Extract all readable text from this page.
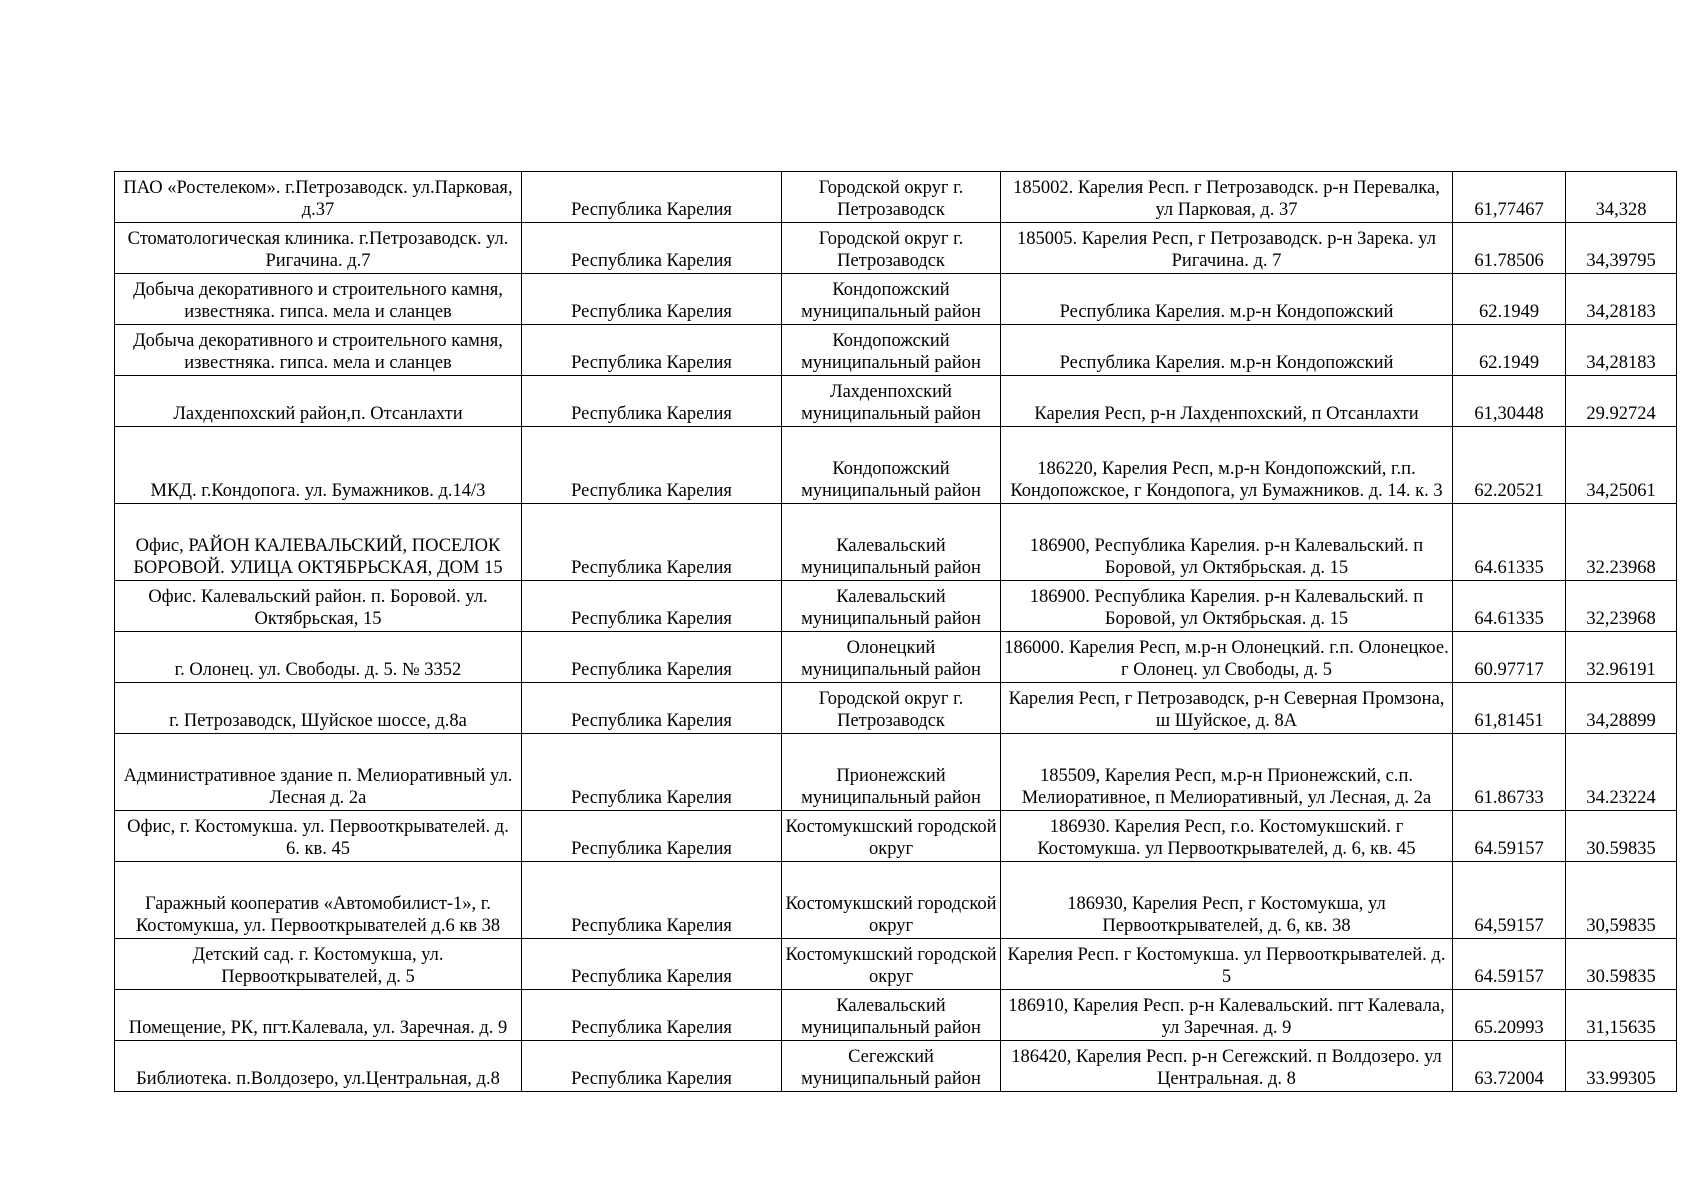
ПАО «Ростелеком». г.Петрозаводск. ул.Парковая, д.37	Республика Карелия	Городской округ г. Петрозаводск	185002. Карелия Респ. г Петрозаводск. р-н Перевалка, ул Парковая, д. 37	61,77467	34,328
Стоматологическая клиника. г.Петрозаводск. ул. Ригачина. д.7	Республика Карелия	Городской округ г. Петрозаводск	185005. Карелия Респ, г Петрозаводск. р-н Зарека. ул Ригачина. д. 7	61.78506	34,39795
Добыча декоративного и строительного камня, известняка. гипса. мела и сланцев	Республика Карелия	Кондопожский муниципальный район	Республика Карелия. м.р-н Кондопожский	62.1949	34,28183
Добыча декоративного и строительного камня, известняка. гипса. мела и сланцев	Республика Карелия	Кондопожский муниципальный район	Республика Карелия. м.р-н Кондопожский	62.1949	34,28183
Лахденпохский район,п. Отсанлахти	Республика Карелия	Лахденпохский муниципальный район	Карелия Респ, р-н Лахденпохский, п Отсанлахти	61,30448	29.92724
МКД. г.Кондопога. ул. Бумажников. д.14/3	Республика Карелия	Кондопожский муниципальный район	186220, Карелия Респ, м.р-н Кондопожский, г.п. Кондопожское, г Кондопога, ул Бумажников. д. 14. к. 3	62.20521	34,25061
Офис, РАЙОН КАЛЕВАЛЬСКИЙ, ПОСЕЛОК БОРОВОЙ. УЛИЦА ОКТЯБРЬСКАЯ, ДОМ 15	Республика Карелия	Калевальский муниципальный район	186900, Республика Карелия. р-н Калевальский. п Боровой, ул Октябрьская. д. 15	64.61335	32.23968
Офис. Калевальский район. п. Боровой. ул. Октябрьская, 15	Республика Карелия	Калевальский муниципальный район	186900. Республика Карелия. р-н Калевальский. п Боровой, ул Октябрьская. д. 15	64.61335	32,23968
г. Олонец. ул. Свободы. д. 5. № 3352	Республика Карелия	Олонецкий муниципальный район	186000. Карелия Респ, м.р-н Олонецкий. г.п. Олонецкое. г Олонец. ул Свободы, д. 5	60.97717	32.96191
г. Петрозаводск, Шуйское шоссе, д.8а	Республика Карелия	Городской округ г. Петрозаводск	Карелия Респ, г Петрозаводск, р-н Северная Промзона, ш Шуйское, д. 8А	61,81451	34,28899
Административное здание п. Мелиоративный ул. Лесная д. 2а	Республика Карелия	Прионежский муниципальный район	185509, Карелия Респ, м.р-н Прионежский, с.п. Мелиоративное, п Мелиоративный, ул Лесная, д. 2а	61.86733	34.23224
Офис, г. Костомукша. ул. Первооткрывателей. д. 6. кв. 45	Республика Карелия	Костомукшский городской округ	186930. Карелия Респ, г.о. Костомукшский. г Костомукша. ул Первооткрывателей, д. 6, кв. 45	64.59157	30.59835
Гаражный кооператив «Автомобилист-1», г. Костомукша, ул. Первооткрывателей д.6 кв 38	Республика Карелия	Костомукшский городской округ	186930, Карелия Респ, г Костомукша, ул Первооткрывателей, д. 6, кв. 38	64,59157	30,59835
Детский сад. г. Костомукша, ул. Первооткрывателей, д. 5	Республика Карелия	Костомукшский городской округ	Карелия Респ. г Костомукша. ул Первооткрывателей. д. 5	64.59157	30.59835
Помещение, РК, пгт.Калевала, ул. Заречная. д. 9	Республика Карелия	Калевальский муниципальный район	186910, Карелия Респ. р-н Калевальский. пгт Калевала, ул Заречная. д. 9	65.20993	31,15635
Библиотека. п.Волдозеро, ул.Центральная, д.8	Республика Карелия	Сегежский муниципальный район	186420, Карелия Респ. р-н Сегежский. п Волдозеро. ул Центральная. д. 8	63.72004	33.99305
